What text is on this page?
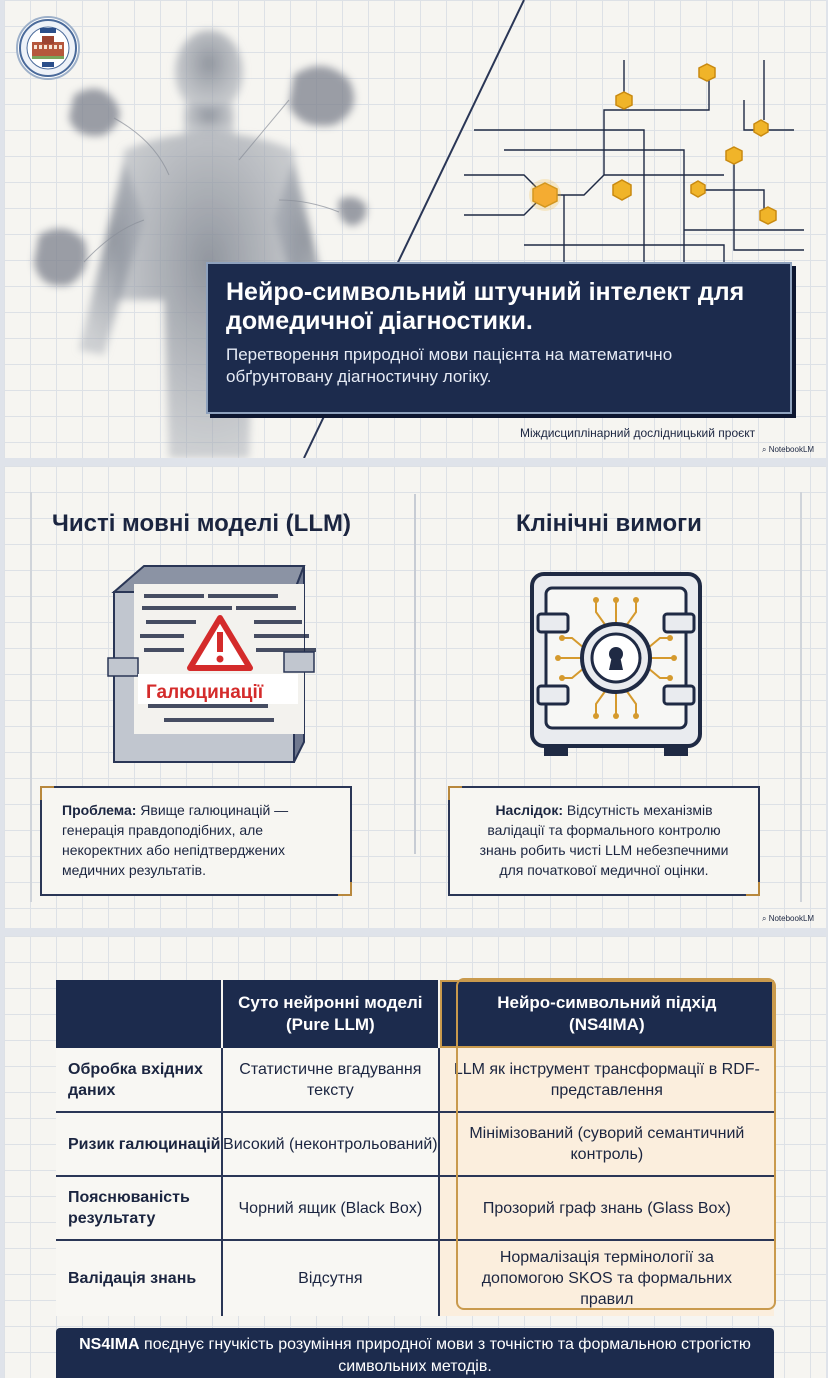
Нейро-символьний штучний інтелект для домедичної діагностики.

Перетворення природної мови пацієнта на математично обґрунтовану діагностичну логіку.

Міждисциплінарний дослідницький проєкт
⌕ NotebookLM
Чисті мовні моделі (LLM)	Клінічні вимоги
Галюцинації
Проблема: Явище галюцинацій — генерація правдоподібних, але некоректних або непідтверджених медичних результатів.
Наслідок: Відсутність механізмів валідації та формального контролю знань робить чисті LLM небезпечними для початкової медичної оцінки.
⌕ NotebookLM
	Суто нейронні моделі (Pure LLM)	Нейро-символьний підхід (NS4IMA)
Обробка вхідних даних	Статистичне вгадування тексту	LLM як інструмент трансформації в RDF-представлення
Ризик галюцинацій	Високий (неконтрольований)	Мінімізований (суворий семантичний контроль)
Пояснюваність результату	Чорний ящик (Black Box)	Прозорий граф знань (Glass Box)
Валідація знань	Відсутня	Нормалізація термінології за допомогою SKOS та формальних правил
NS4IMA поєднує гнучкість розуміння природної мови з точністю та формальною строгістю символьних методів.
